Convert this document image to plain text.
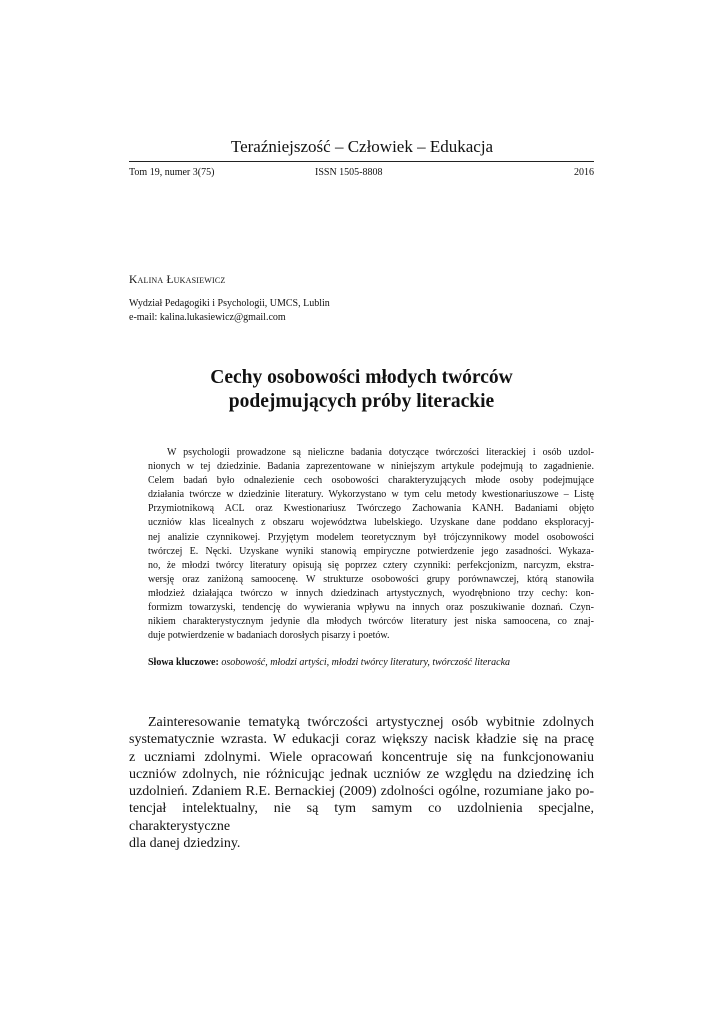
Teraźniejszość – Człowiek – Edukacja
Tom 19, numer 3(75)	ISSN 1505-8808	2016
Kalina Łukasiewicz
Wydział Pedagogiki i Psychologii, UMCS, Lublin
e-mail: kalina.lukasiewicz@gmail.com
Cechy osobowości młodych twórców
podejmujących próby literackie
W psychologii prowadzone są nieliczne badania dotyczące twórczości literackiej i osób uzdol-
nionych w tej dziedzinie. Badania zaprezentowane w niniejszym artykule podejmują to zagadnienie.
Celem badań było odnalezienie cech osobowości charakteryzujących młode osoby podejmujące
działania twórcze w dziedzinie literatury. Wykorzystano w tym celu metody kwestionariuszowe – Listę
Przymiotnikową ACL oraz Kwestionariusz Twórczego Zachowania KANH. Badaniami objęto
uczniów klas licealnych z obszaru województwa lubelskiego. Uzyskane dane poddano eksploracyj-
nej analizie czynnikowej. Przyjętym modelem teoretycznym był trójczynnikowy model osobowości
twórczej E. Nęcki. Uzyskane wyniki stanowią empiryczne potwierdzenie jego zasadności. Wykaza-
no, że młodzi twórcy literatury opisują się poprzez cztery czynniki: perfekcjonizm, narcyzm, ekstra-
wersję oraz zaniżoną samoocenę. W strukturze osobowości grupy porównawczej, którą stanowiła
młodzież działająca twórczo w innych dziedzinach artystycznych, wyodrębniono trzy cechy: kon-
formizm towarzyski, tendencję do wywierania wpływu na innych oraz poszukiwanie doznań. Czyn-
nikiem charakterystycznym jedynie dla młodych twórców literatury jest niska samoocena, co znaj-
duje potwierdzenie w badaniach dorosłych pisarzy i poetów.
Słowa kluczowe: osobowość, młodzi artyści, młodzi twórcy literatury, twórczość literacka
Zainteresowanie tematyką twórczości artystycznej osób wybitnie zdolnych
systematycznie wzrasta. W edukacji coraz większy nacisk kładzie się na pracę
z uczniami zdolnymi. Wiele opracowań koncentruje się na funkcjonowaniu
uczniów zdolnych, nie różnicując jednak uczniów ze względu na dziedzinę ich
uzdolnień. Zdaniem R.E. Bernackiej (2009) zdolności ogólne, rozumiane jako po-
tencjał intelektualny, nie są tym samym co uzdolnienia specjalne, charakterystyczne
dla danej dziedziny.
